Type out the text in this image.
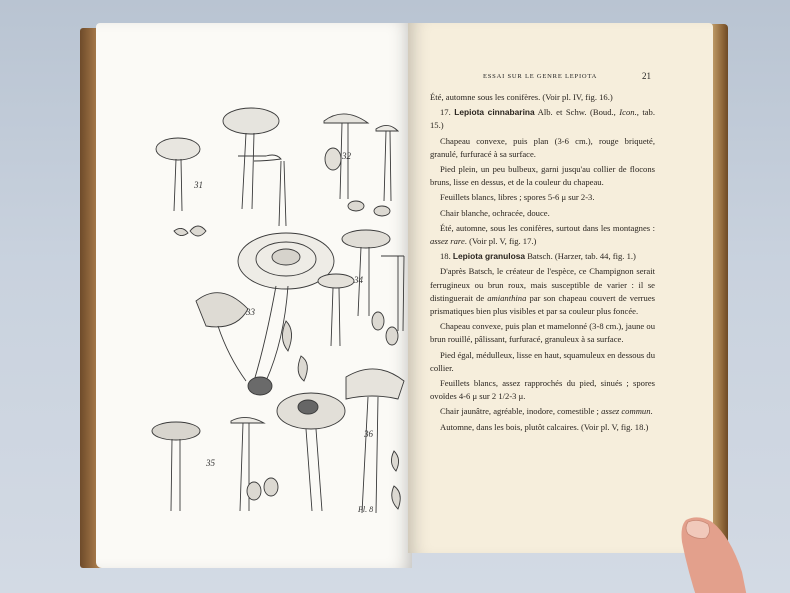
31
32
33
34
35
36
Pl. 8
ESSAI SUR LE GENRE LEPIOTA	21

Été, automne sous les conifères. (Voir pl. IV, fig. 16.)

17. Lepiota cinnabarina Alb. et Schw. (Boud., Icon., tab. 15.)

Chapeau convexe, puis plan (3-6 cm.), rouge briqueté, granulé, furfuracé à sa surface.

Pied plein, un peu bulbeux, garni jusqu'au collier de flocons bruns, lisse en dessus, et de la couleur du chapeau.

Feuillets blancs, libres ; spores 5-6 μ sur 2-3.

Chair blanche, ochracée, douce.

Été, automne, sous les conifères, surtout dans les montagnes : assez rare. (Voir pl. V, fig. 17.)

18. Lepiota granulosa Batsch. (Harzer, tab. 44, fig. 1.)

D'après Batsch, le créateur de l'espèce, ce Champignon serait ferrugineux ou brun roux, mais susceptible de varier : il se distinguerait de amianthina par son chapeau couvert de verrues prismatiques bien plus visibles et par sa couleur plus foncée.

Chapeau convexe, puis plan et mamelonné (3-8 cm.), jaune ou brun rouillé, pâlissant, furfuracé, granuleux à sa surface.

Pied égal, médulleux, lisse en haut, squamuleux en dessous du collier.

Feuillets blancs, assez rapprochés du pied, sinués ; spores ovoïdes 4-6 μ sur 2 1/2-3 μ.

Chair jaunâtre, agréable, inodore, comestible ; assez commun.

Automne, dans les bois, plutôt calcaires. (Voir pl. V, fig. 18.)
